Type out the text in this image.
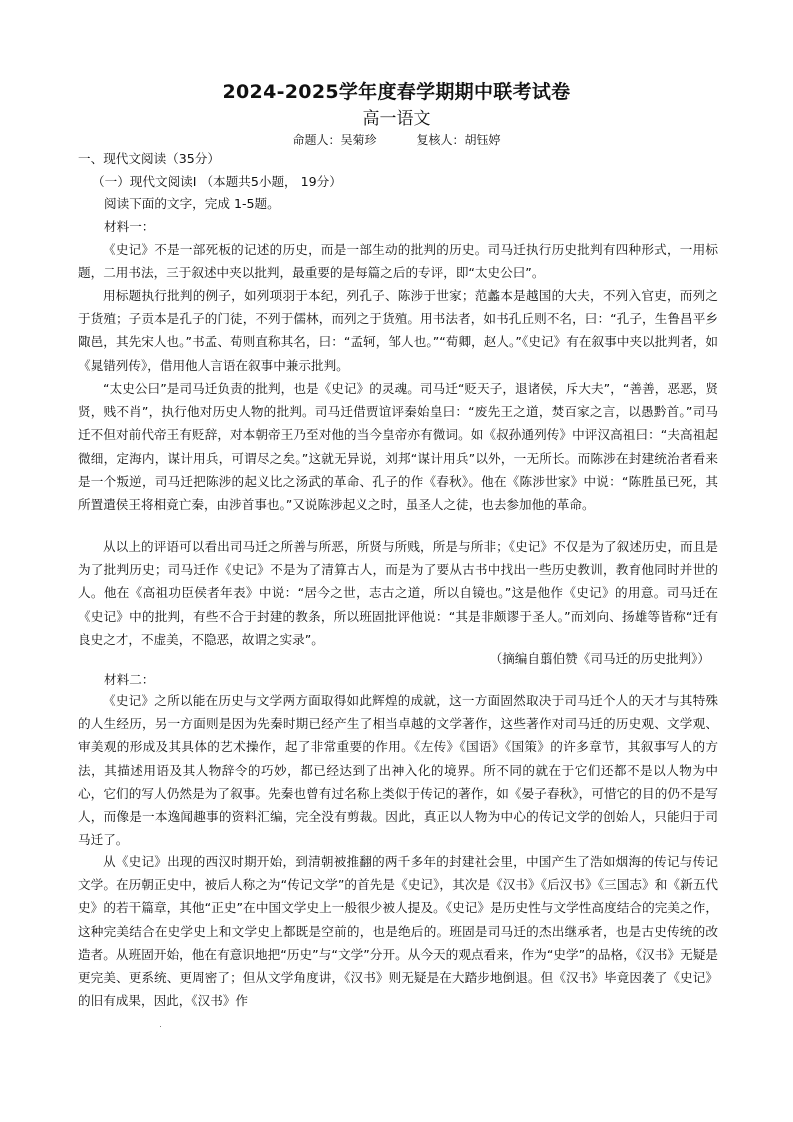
2024-2025学年度春学期期中联考试卷
高一语文
命题人：吴菊珍	复核人：胡钰婷
一、现代文阅读（35分）
（一）现代文阅读Ⅰ （本题共5小题， 19分）
阅读下面的文字，完成 1-5题。
材料一：

《史记》不是一部死板的记述的历史，而是一部生动的批判的历史。司马迁执行历史批判有四种形式，一用标题，二用书法，三于叙述中夹以批判，最重要的是每篇之后的专评，即“太史公曰”。

用标题执行批判的例子，如列项羽于本纪，列孔子、陈涉于世家；范蠡本是越国的大夫，不列入官吏，而列之于货殖；子贡本是孔子的门徒，不列于儒林，而列之于货殖。用书法者，如书孔丘则不名，曰：“孔子，生鲁昌平乡陬邑，其先宋人也。”书孟、荀则直称其名，曰：“孟轲，邹人也。”“荀卿，赵人。”《史记》有在叙事中夹以批判者，如《晁错列传》，借用他人言语在叙事中兼示批判。

“太史公曰”是司马迁负责的批判，也是《史记》的灵魂。司马迁“贬天子，退诸侯，斥大夫”，“善善，恶恶，贤贤，贱不肖”，执行他对历史人物的批判。司马迁借贾谊评秦始皇曰：“废先王之道，焚百家之言，以愚黔首。”司马迁不但对前代帝王有贬辞，对本朝帝王乃至对他的当今皇帝亦有微词。如《叔孙通列传》中评汉高祖曰：“夫高祖起微细，定海内，谋计用兵，可谓尽之矣。”这就无异说，刘邦“谋计用兵”以外，一无所长。而陈涉在封建统治者看来是一个叛逆，司马迁把陈涉的起义比之汤武的革命、孔子的作《春秋》。他在《陈涉世家》中说：“陈胜虽已死，其所置遣侯王将相竟亡秦，由涉首事也。”又说陈涉起义之时，虽圣人之徒，也去参加他的革命。

从以上的评语可以看出司马迁之所善与所恶，所贤与所贱，所是与所非；《史记》不仅是为了叙述历史，而且是为了批判历史；司马迁作《史记》不是为了清算古人，而是为了要从古书中找出一些历史教训，教育他同时并世的人。他在《高祖功臣侯者年表》中说：“居今之世，志古之道，所以自镜也。”这是他作《史记》的用意。司马迁在《史记》中的批判，有些不合于封建的教条，所以班固批评他说：“其是非颇谬于圣人。”而刘向、扬雄等皆称“迁有良史之才，不虚美，不隐恶，故谓之实录”。

（摘编自翦伯赞《司马迁的历史批判》）
材料二：

《史记》之所以能在历史与文学两方面取得如此辉煌的成就，这一方面固然取决于司马迁个人的天才与其特殊的人生经历，另一方面则是因为先秦时期已经产生了相当卓越的文学著作，这些著作对司马迁的历史观、文学观、审美观的形成及其具体的艺术操作，起了非常重要的作用。《左传》《国语》《国策》的许多章节，其叙事写人的方法，其描述用语及其人物辞令的巧妙，都已经达到了出神入化的境界。所不同的就在于它们还都不是以人物为中心，它们的写人仍然是为了叙事。先秦也曾有过名称上类似于传记的著作，如《晏子春秋》，可惜它的目的仍不是写人，而像是一本逸闻趣事的资料汇编，完全没有剪裁。因此，真正以人物为中心的传记文学的创始人，只能归于司马迁了。

从《史记》出现的西汉时期开始，到清朝被推翻的两千多年的封建社会里，中国产生了浩如烟海的传记与传记文学。在历朝正史中，被后人称之为“传记文学”的首先是《史记》，其次是《汉书》《后汉书》《三国志》和《新五代史》的若干篇章，其他“正史”在中国文学史上一般很少被人提及。《史记》是历史性与文学性高度结合的完美之作，这种完美结合在史学史上和文学史上都既是空前的，也是绝后的。班固是司马迁的杰出继承者，也是古史传统的改造者。从班固开始，他在有意识地把“历史”与“文学”分开。从今天的观点看来，作为“史学”的品格，《汉书》无疑是更完美、更系统、更周密了；但从文学角度讲，《汉书》则无疑是在大踏步地倒退。但《汉书》毕竟因袭了《史记》的旧有成果，因此，《汉书》作
